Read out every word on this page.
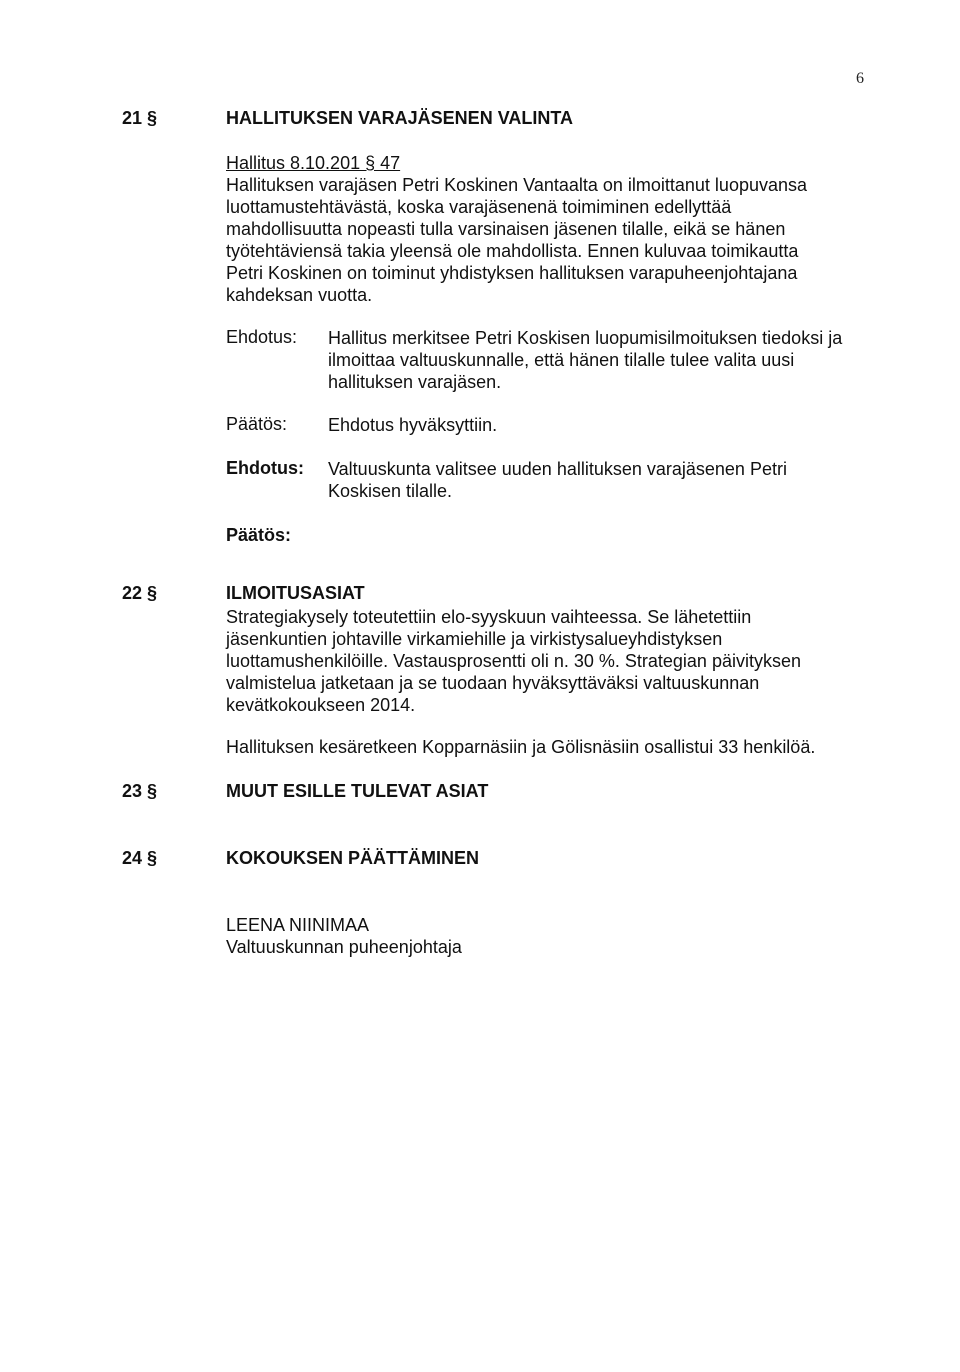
6
21 §	HALLITUKSEN VARAJÄSENEN VALINTA
Hallitus 8.10.201 § 47
Hallituksen varajäsen Petri Koskinen Vantaalta on ilmoittanut luopuvansa
luottamustehtävästä, koska varajäsenenä toimiminen edellyttää
mahdollisuutta nopeasti tulla varsinaisen jäsenen tilalle, eikä se hänen
työtehtäviensä takia yleensä ole mahdollista. Ennen kuluvaa toimikautta
Petri Koskinen on toiminut yhdistyksen hallituksen varapuheenjohtajana
kahdeksan vuotta.
Ehdotus: Hallitus merkitsee Petri Koskisen luopumisilmoituksen tiedoksi ja
ilmoittaa valtuuskunnalle, että hänen tilalle tulee valita uusi
hallituksen varajäsen.
Päätös: Ehdotus hyväksyttiin.
Ehdotus: Valtuuskunta valitsee uuden hallituksen varajäsenen Petri
Koskisen tilalle.
Päätös:
22 §	ILMOITUSASIAT
Strategiakysely toteutettiin elo-syyskuun vaihteessa. Se lähetettiin
jäsenkuntien johtaville virkamiehille ja virkistysalueyhdistyksen
luottamushenkilöille. Vastausprosentti oli n. 30 %. Strategian päivityksen
valmistelua jatketaan ja se tuodaan hyväksyttäväksi valtuuskunnan
kevätkokoukseen 2014.
Hallituksen kesäretkeen Kopparnäsiin ja Gölisnäsiin osallistui 33 henkilöä.
23 §	MUUT ESILLE TULEVAT ASIAT
24 §	KOKOUKSEN PÄÄTTÄMINEN
LEENA NIINIMAA
Valtuuskunnan puheenjohtaja
